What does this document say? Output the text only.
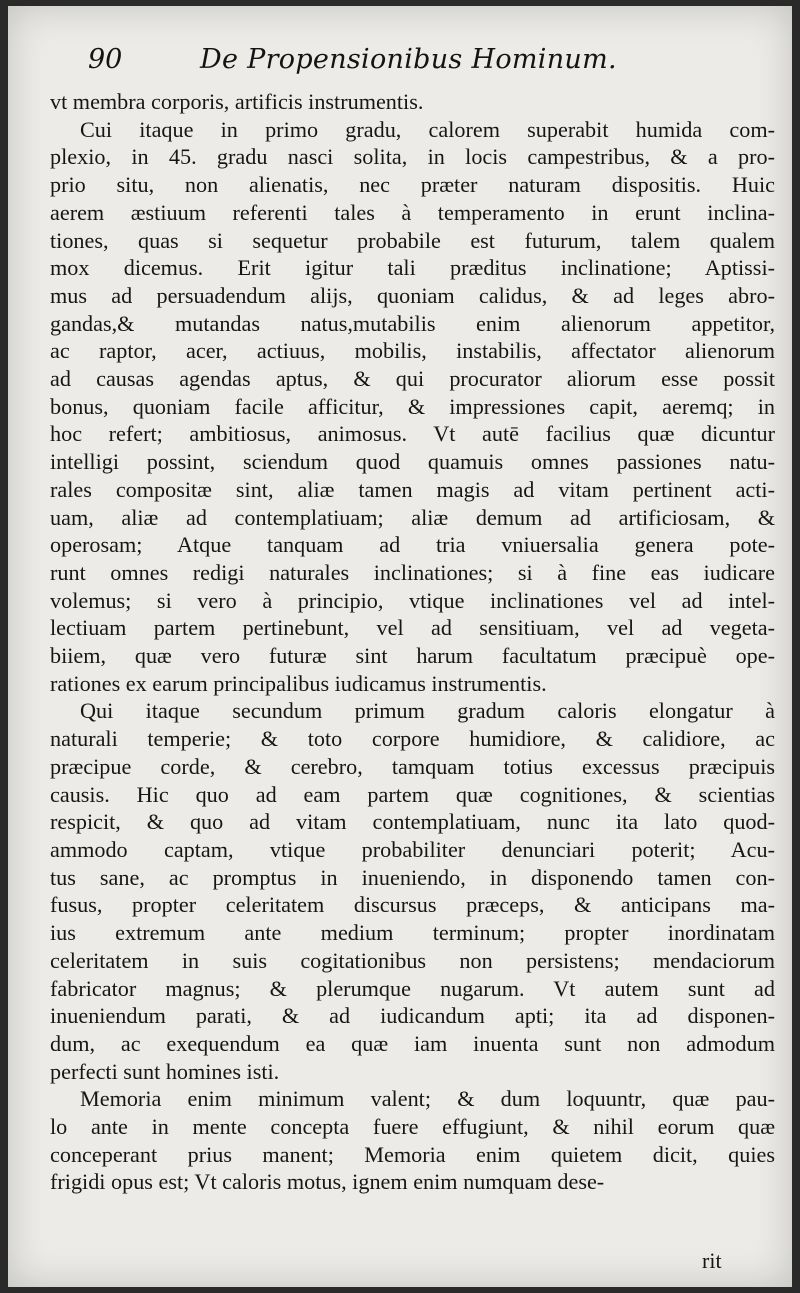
90	De Propensionibus Hominum.
vt membra corporis, artificis instrumentis.
Cui itaque in primo gradu, calorem superabit humida com-
plexio, in 45. gradu nasci solita, in locis campestribus, & a pro-
prio situ, non alienatis, nec præter naturam dispositis. Huic
aerem æstiuum referenti tales à temperamento in erunt inclina-
tiones, quas si sequetur probabile est futurum, talem qualem
mox dicemus. Erit igitur tali præditus inclinatione; Aptissi-
mus ad persuadendum alijs, quoniam calidus, & ad leges abro-
gandas,& mutandas natus,mutabilis enim alienorum appetitor,
ac raptor, acer, actiuus, mobilis, instabilis, affectator alienorum
ad causas agendas aptus, & qui procurator aliorum esse possit
bonus, quoniam facile afficitur, & impressiones capit, aeremq; in
hoc refert; ambitiosus, animosus. Vt autē facilius quæ dicuntur
intelligi possint, sciendum quod quamuis omnes passiones natu-
rales compositæ sint, aliæ tamen magis ad vitam pertinent acti-
uam, aliæ ad contemplatiuam; aliæ demum ad artificiosam, &
operosam; Atque tanquam ad tria vniuersalia genera pote-
runt omnes redigi naturales inclinationes; si à fine eas iudicare
volemus; si vero à principio, vtique inclinationes vel ad intel-
lectiuam partem pertinebunt, vel ad sensitiuam, vel ad vegeta-
biiem, quæ vero futuræ sint harum facultatum præcipuè ope-
rationes ex earum principalibus iudicamus instrumentis.
Qui itaque secundum primum gradum caloris elongatur à
naturali temperie; & toto corpore humidiore, & calidiore, ac
præcipue corde, & cerebro, tamquam totius excessus præcipuis
causis. Hic quo ad eam partem quæ cognitiones, & scientias
respicit, & quo ad vitam contemplatiuam, nunc ita lato quod-
ammodo captam, vtique probabiliter denunciari poterit; Acu-
tus sane, ac promptus in inueniendo, in disponendo tamen con-
fusus, propter celeritatem discursus præceps, & anticipans ma-
ius extremum ante medium terminum; propter inordinatam
celeritatem in suis cogitationibus non persistens; mendaciorum
fabricator magnus; & plerumque nugarum. Vt autem sunt ad
inueniendum parati, & ad iudicandum apti; ita ad disponen-
dum, ac exequendum ea quæ iam inuenta sunt non admodum
perfecti sunt homines isti.
Memoria enim minimum valent; & dum loquuntr, quæ pau-
lo ante in mente concepta fuere effugiunt, & nihil eorum quæ
conceperant prius manent; Memoria enim quietem dicit, quies
frigidi opus est; Vt caloris motus, ignem enim numquam dese-
rit
